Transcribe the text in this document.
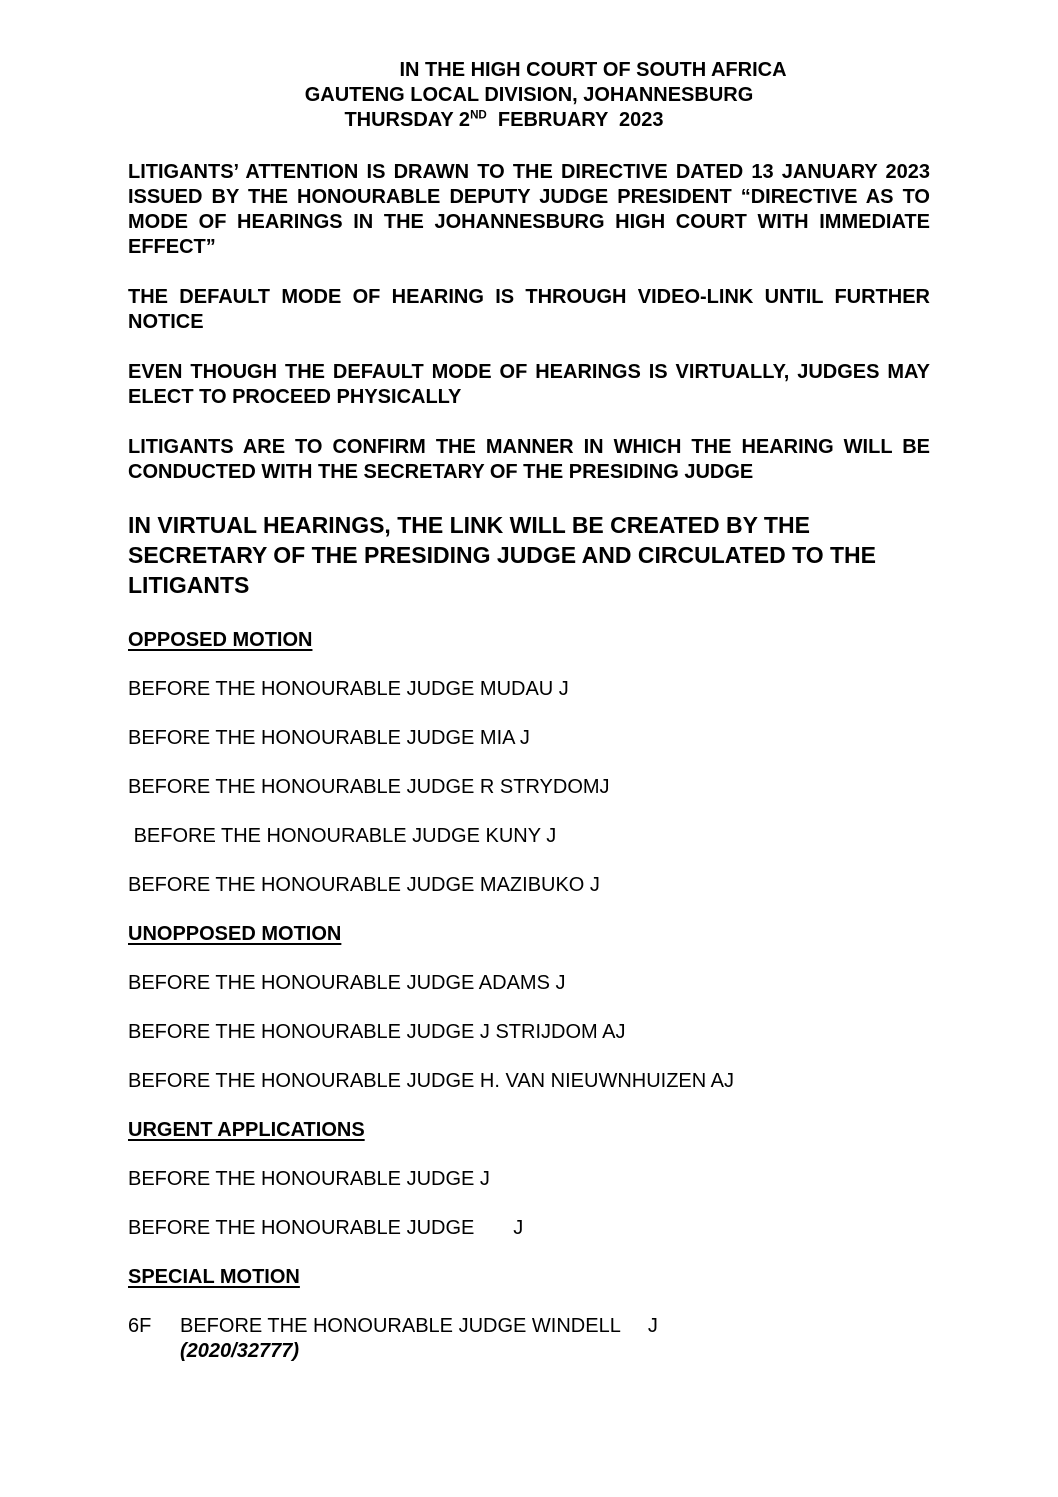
IN THE HIGH COURT OF SOUTH AFRICA
GAUTENG LOCAL DIVISION, JOHANNESBURG
THURSDAY 2ND  FEBRUARY  2023

LITIGANTS’ ATTENTION IS DRAWN TO THE DIRECTIVE DATED 13 JANUARY 2023 ISSUED BY THE HONOURABLE DEPUTY JUDGE PRESIDENT “DIRECTIVE AS TO MODE OF HEARINGS IN THE JOHANNESBURG HIGH COURT WITH IMMEDIATE EFFECT”

THE DEFAULT MODE OF HEARING IS THROUGH VIDEO-LINK UNTIL FURTHER NOTICE

EVEN THOUGH THE DEFAULT MODE OF HEARINGS IS VIRTUALLY, JUDGES MAY ELECT TO PROCEED PHYSICALLY

LITIGANTS ARE TO CONFIRM THE MANNER IN WHICH THE HEARING WILL BE CONDUCTED WITH THE SECRETARY OF THE PRESIDING JUDGE

IN VIRTUAL HEARINGS, THE LINK WILL BE CREATED BY THE SECRETARY OF THE PRESIDING JUDGE AND CIRCULATED TO THE LITIGANTS

OPPOSED MOTION

BEFORE THE HONOURABLE JUDGE MUDAU J

BEFORE THE HONOURABLE JUDGE MIA J

BEFORE THE HONOURABLE JUDGE R STRYDOMJ

BEFORE THE HONOURABLE JUDGE KUNY J

BEFORE THE HONOURABLE JUDGE MAZIBUKO J

UNOPPOSED MOTION

BEFORE THE HONOURABLE JUDGE ADAMS J

BEFORE THE HONOURABLE JUDGE J STRIJDOM AJ

BEFORE THE HONOURABLE JUDGE H. VAN NIEUWNHUIZEN AJ

URGENT APPLICATIONS

BEFORE THE HONOURABLE JUDGE J

BEFORE THE HONOURABLE JUDGE       J

SPECIAL MOTION
6F	BEFORE THE HONOURABLE JUDGE WINDELL     J
(2020/32777)
